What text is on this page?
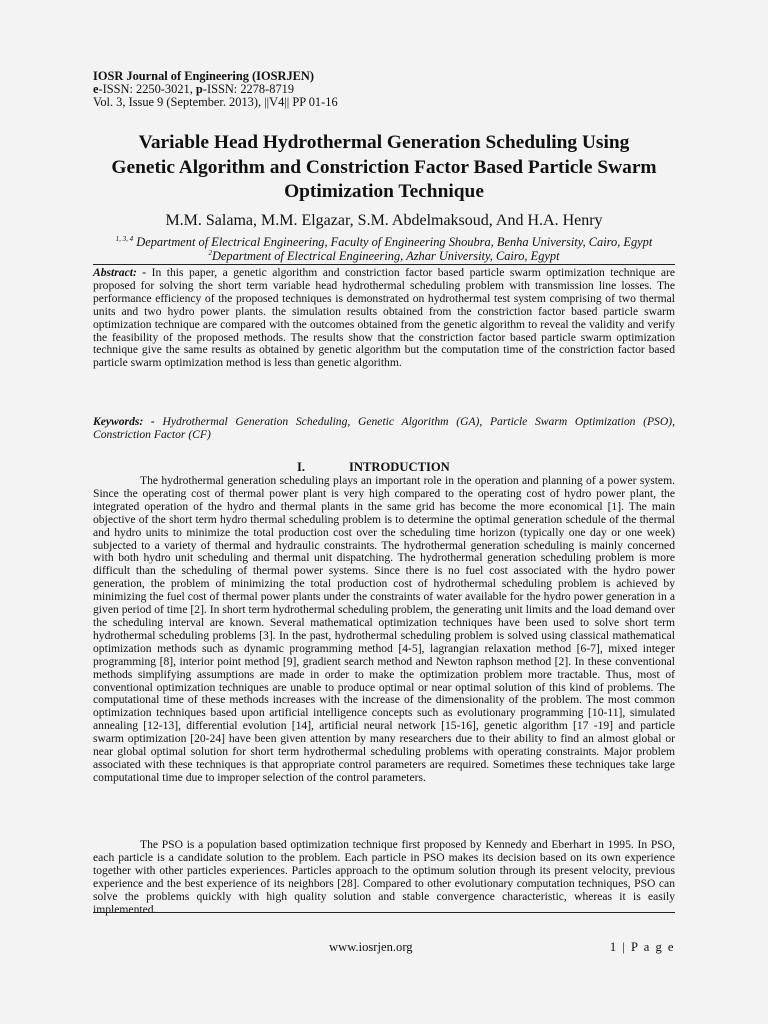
IOSR Journal of Engineering (IOSRJEN)
e-ISSN: 2250-3021, p-ISSN: 2278-8719
Vol. 3, Issue 9 (September. 2013), ||V4|| PP 01-16
Variable Head Hydrothermal Generation Scheduling Using
Genetic Algorithm and Constriction Factor Based Particle Swarm
Optimization Technique
M.M. Salama, M.M. Elgazar, S.M. Abdelmaksoud, And H.A. Henry
$^{1, 3, 4}$ Department of Electrical Engineering, Faculty of Engineering Shoubra, Benha University, Cairo, Egypt
$^2$Department of Electrical Engineering, Azhar University, Cairo, Egypt

Abstract: - In this paper, a genetic algorithm and constriction factor based particle swarm optimization technique are proposed for solving the short term variable head hydrothermal scheduling problem with transmission line losses. The performance efficiency of the proposed techniques is demonstrated on hydrothermal test system comprising of two thermal units and two hydro power plants. the simulation results obtained from the constriction factor based particle swarm optimization technique are compared with the outcomes obtained from the genetic algorithm to reveal the validity and verify the feasibility of the proposed methods. The results show that the constriction factor based particle swarm optimization technique give the same results as obtained by genetic algorithm but the computation time of the constriction factor based particle swarm optimization method is less than genetic algorithm.

Keywords: - Hydrothermal Generation Scheduling, Genetic Algorithm (GA), Particle Swarm Optimization (PSO), Constriction Factor (CF)

I.	INTRODUCTION

The hydrothermal generation scheduling plays an important role in the operation and planning of a power system. Since the operating cost of thermal power plant is very high compared to the operating cost of hydro power plant, the integrated operation of the hydro and thermal plants in the same grid has become the more economical [1]. The main objective of the short term hydro thermal scheduling problem is to determine the optimal generation schedule of the thermal and hydro units to minimize the total production cost over the scheduling time horizon (typically one day or one week) subjected to a variety of thermal and hydraulic constraints. The hydrothermal generation scheduling is mainly concerned with both hydro unit scheduling and thermal unit dispatching. The hydrothermal generation scheduling problem is more difficult than the scheduling of thermal power systems. Since there is no fuel cost associated with the hydro power generation, the problem of minimizing the total production cost of hydrothermal scheduling problem is achieved by minimizing the fuel cost of thermal power plants under the constraints of water available for the hydro power generation in a given period of time [2]. In short term hydrothermal scheduling problem, the generating unit limits and the load demand over the scheduling interval are known. Several mathematical optimization techniques have been used to solve short term hydrothermal scheduling problems [3]. In the past, hydrothermal scheduling problem is solved using classical mathematical optimization methods such as dynamic programming method [4-5], lagrangian relaxation method [6-7], mixed integer programming [8], interior point method [9], gradient search method and Newton raphson method [2]. In these conventional methods simplifying assumptions are made in order to make the optimization problem more tractable. Thus, most of conventional optimization techniques are unable to produce optimal or near optimal solution of this kind of problems. The computational time of these methods increases with the increase of the dimensionality of the problem. The most common optimization techniques based upon artificial intelligence concepts such as evolutionary programming [10-11], simulated annealing [12-13], differential evolution [14], artificial neural network [15-16], genetic algorithm [17 -19] and particle swarm optimization [20-24] have been given attention by many researchers due to their ability to find an almost global or near global optimal solution for short term hydrothermal scheduling problems with operating constraints. Major problem associated with these techniques is that appropriate control parameters are required. Sometimes these techniques take large computational time due to improper selection of the control parameters.

The PSO is a population based optimization technique first proposed by Kennedy and Eberhart in 1995. In PSO, each particle is a candidate solution to the problem. Each particle in PSO makes its decision based on its own experience together with other particles experiences. Particles approach to the optimum solution through its present velocity, previous experience and the best experience of its neighbors [28]. Compared to other evolutionary computation techniques, PSO can solve the problems quickly with high quality solution and stable convergence characteristic, whereas it is easily implemented.

www.iosrjen.org	1 | P a g e
